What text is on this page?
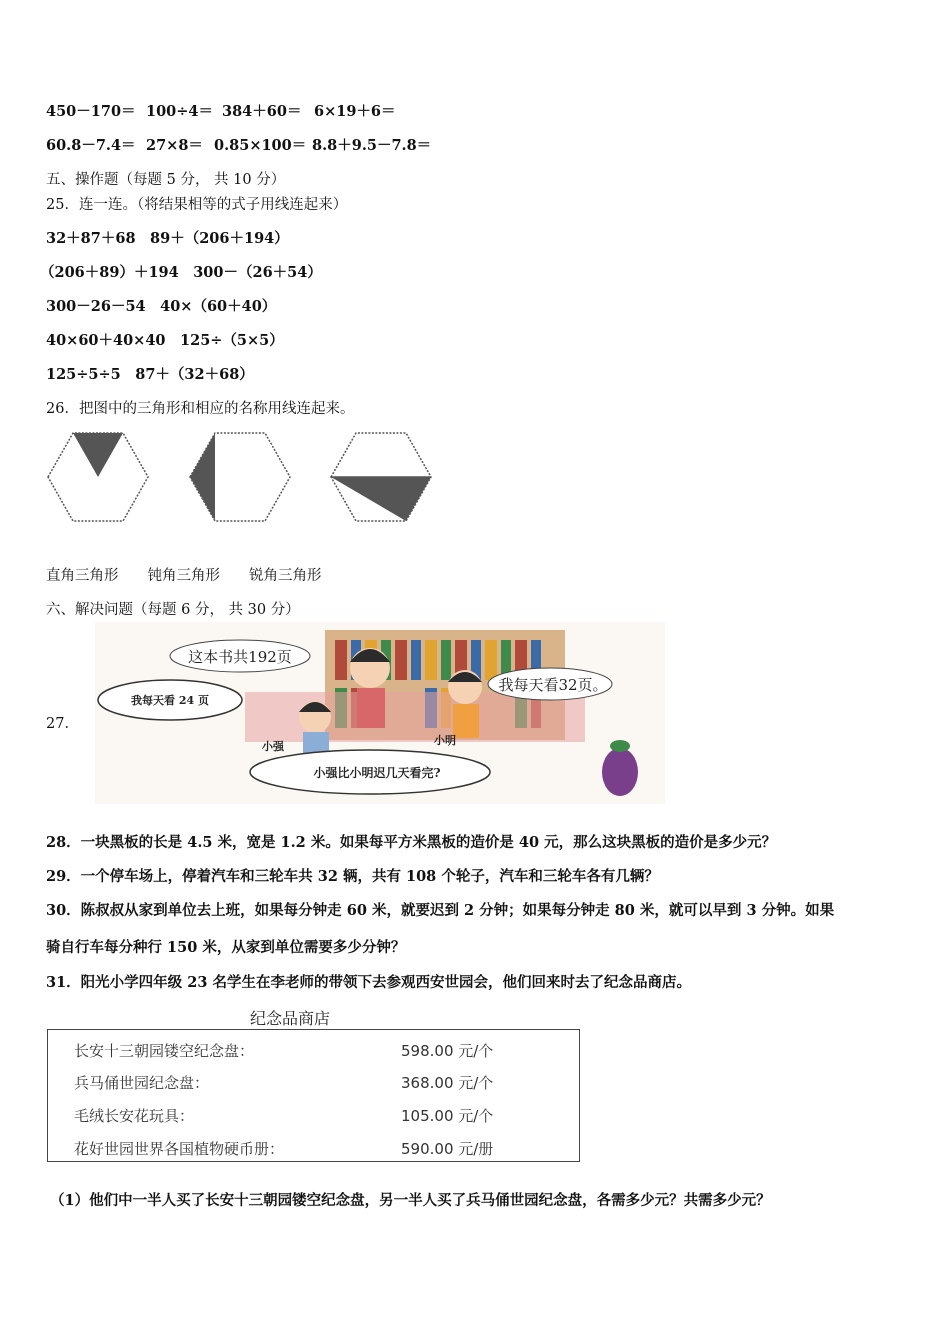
450－170＝ 100÷4＝ 384＋60＝ 6×19＋6＝
60.8－7.4＝ 27×8＝ 0.85×100＝ 8.8＋9.5－7.8＝
五、操作题（每题 5 分， 共 10 分）
25．连一连。（将结果相等的式子用线连起来）
32＋87＋68　89＋（206＋194）
（206＋89）＋194　300－（26＋54）
300－26－54　40×（60＋40）
40×60＋40×40　125÷（5×5）
125÷5÷5　87＋（32＋68）
26．把图中的三角形和相应的名称用线连起来。
直角三角形　　钝角三角形　　锐角三角形
六、解决问题（每题 6 分， 共 30 分）
27．
这本书共192页
我每天看 24 页
我每天看32页。
小强	小明
小强比小明迟几天看完?
28．一块黑板的长是 4.5 米，宽是 1.2 米。如果每平方米黑板的造价是 40 元，那么这块黑板的造价是多少元？
29．一个停车场上，停着汽车和三轮车共 32 辆，共有 108 个轮子，汽车和三轮车各有几辆？
30．陈叔叔从家到单位去上班，如果每分钟走 60 米，就要迟到 2 分钟；如果每分钟走 80 米，就可以早到 3 分钟。如果
骑自行车每分种行 150 米，从家到单位需要多少分钟？
31．阳光小学四年级 23 名学生在李老师的带领下去参观西安世园会，他们回来时去了纪念品商店。
纪念品商店
长安十三朝园镂空纪念盘：	598.00 元/个
兵马俑世园纪念盘：	368.00 元/个
毛绒长安花玩具：	105.00 元/个
花好世园世界各国植物硬币册：	590.00 元/册
（1）他们中一半人买了长安十三朝园镂空纪念盘，另一半人买了兵马俑世园纪念盘，各需多少元？共需多少元？
